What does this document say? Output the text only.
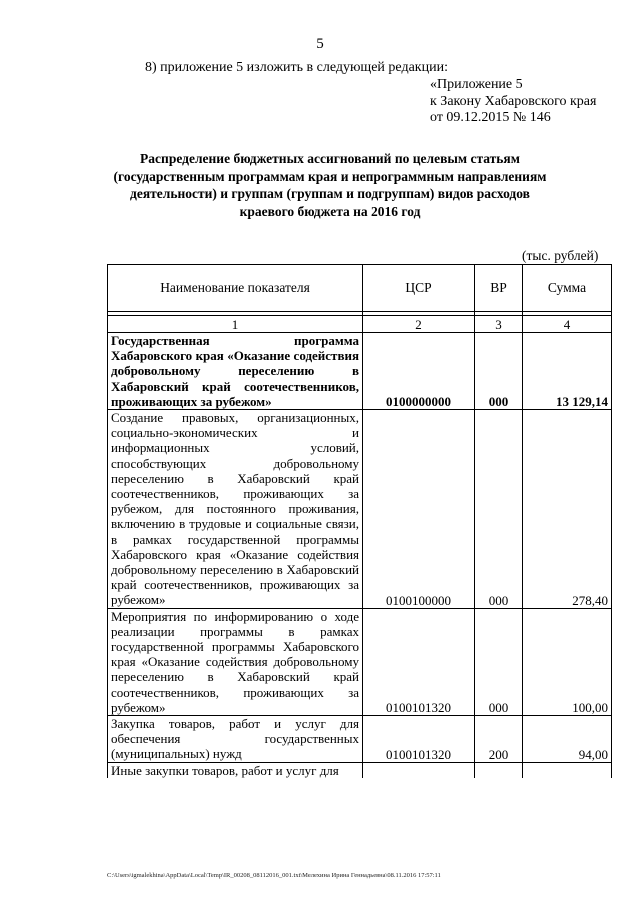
5
8) приложение 5 изложить в следующей редакции:
«Приложение 5
к Закону Хабаровского края
от 09.12.2015 № 146
Распределение бюджетных ассигнований по целевым статьям (государственным программам края и непрограммным направлениям деятельности) и группам (группам и подгруппам) видов расходов краевого бюджета на 2016 год
(тыс. рублей)
Наименование показателя	ЦСР	ВР	Сумма

1	2	3	4
Государственная программа Хабаровского края «Оказание содействия добровольному переселению в Хабаровский край соотечественников, проживающих за рубежом»	0100000000	000	13 129,14
Создание правовых, организационных, социально-экономических и информационных условий, способствующих добровольному переселению в Хабаровский край соотечественников, проживающих за рубежом, для постоянного проживания, включению в трудовые и социальные связи, в рамках государственной программы Хабаровского края «Оказание содействия добровольному переселению в Хабаровский край соотечественников, проживающих за рубежом»	0100100000	000	278,40
Мероприятия по информированию о ходе реализации программы в рамках государственной программы Хабаровского края «Оказание содействия добровольному переселению в Хабаровский край соотечественников, проживающих за рубежом»	0100101320	000	100,00
Закупка товаров, работ и услуг для обеспечения государственных (муниципальных) нужд	0100101320	200	94,00
Иные закупки товаров, работ и услуг для			
C:\Users\igmalekhina\AppData\Local\Temp\IR_00208_08112016_001.txt\Мелехина Ирина Геннадьевна\08.11.2016 17:57:11
